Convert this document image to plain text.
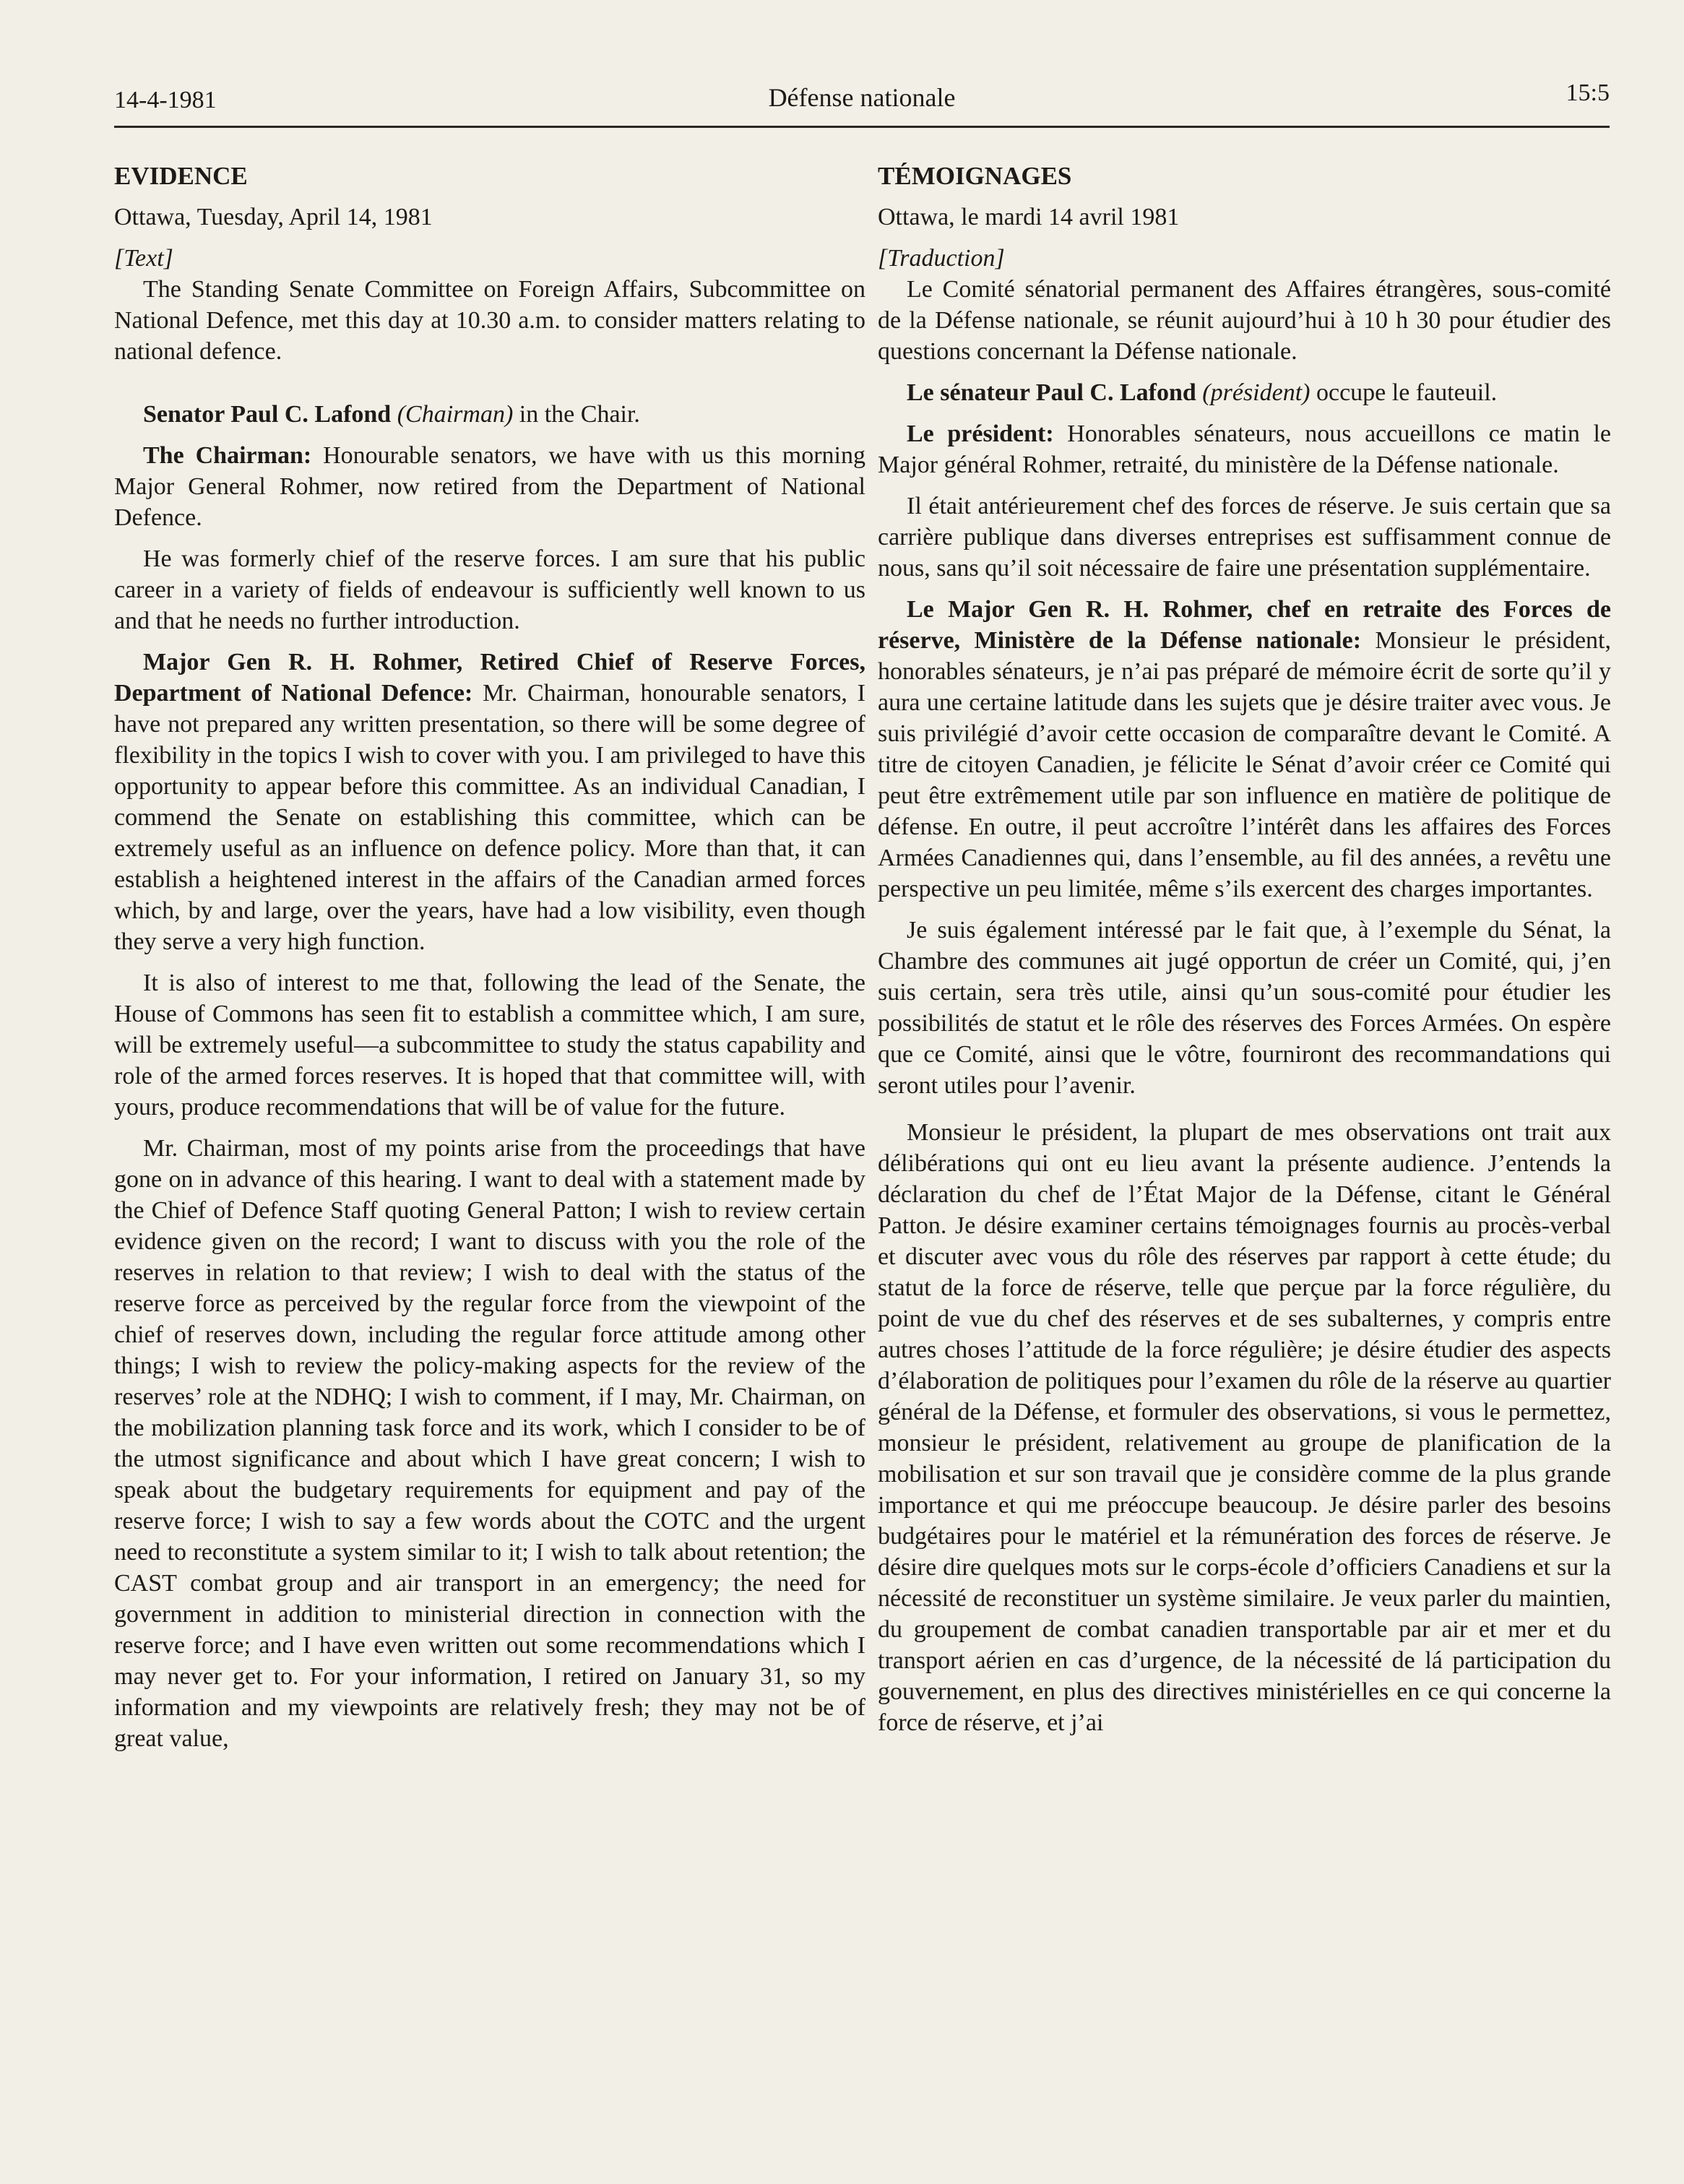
14-4-1981	Défense nationale	15:5

EVIDENCE

Ottawa, Tuesday, April 14, 1981

[Text]

The Standing Senate Committee on Foreign Affairs, Subcommittee on National Defence, met this day at 10.30 a.m. to consider matters relating to national defence.

Senator Paul C. Lafond (Chairman) in the Chair.

The Chairman: Honourable senators, we have with us this morning Major General Rohmer, now retired from the Department of National Defence.

He was formerly chief of the reserve forces. I am sure that his public career in a variety of fields of endeavour is sufficiently well known to us and that he needs no further introduction.

Major Gen R. H. Rohmer, Retired Chief of Reserve Forces, Department of National Defence: Mr. Chairman, honourable senators, I have not prepared any written presentation, so there will be some degree of flexibility in the topics I wish to cover with you. I am privileged to have this opportunity to appear before this committee. As an individual Canadian, I commend the Senate on establishing this committee, which can be extremely useful as an influence on defence policy. More than that, it can establish a heightened interest in the affairs of the Canadian armed forces which, by and large, over the years, have had a low visibility, even though they serve a very high function.

It is also of interest to me that, following the lead of the Senate, the House of Commons has seen fit to establish a committee which, I am sure, will be extremely useful—a subcommittee to study the status capability and role of the armed forces reserves. It is hoped that that committee will, with yours, produce recommendations that will be of value for the future.

Mr. Chairman, most of my points arise from the proceedings that have gone on in advance of this hearing. I want to deal with a statement made by the Chief of Defence Staff quoting General Patton; I wish to review certain evidence given on the record; I want to discuss with you the role of the reserves in relation to that review; I wish to deal with the status of the reserve force as perceived by the regular force from the viewpoint of the chief of reserves down, including the regular force attitude among other things; I wish to review the policy-making aspects for the review of the reserves’ role at the NDHQ; I wish to comment, if I may, Mr. Chairman, on the mobilization planning task force and its work, which I consider to be of the utmost significance and about which I have great concern; I wish to speak about the budgetary requirements for equipment and pay of the reserve force; I wish to say a few words about the COTC and the urgent need to reconstitute a system similar to it; I wish to talk about retention; the CAST combat group and air transport in an emergency; the need for government in addition to ministerial direction in connection with the reserve force; and I have even written out some recommendations which I may never get to. For your information, I retired on January 31, so my information and my viewpoints are relatively fresh; they may not be of great value,

TÉMOIGNAGES

Ottawa, le mardi 14 avril 1981

[Traduction]

Le Comité sénatorial permanent des Affaires étrangères, sous-comité de la Défense nationale, se réunit aujourd’hui à 10 h 30 pour étudier des questions concernant la Défense nationale.

Le sénateur Paul C. Lafond (président) occupe le fauteuil.

Le président: Honorables sénateurs, nous accueillons ce matin le Major général Rohmer, retraité, du ministère de la Défense nationale.

Il était antérieurement chef des forces de réserve. Je suis certain que sa carrière publique dans diverses entreprises est suffisamment connue de nous, sans qu’il soit nécessaire de faire une présentation supplémentaire.

Le Major Gen R. H. Rohmer, chef en retraite des Forces de réserve, Ministère de la Défense nationale: Monsieur le président, honorables sénateurs, je n’ai pas préparé de mémoire écrit de sorte qu’il y aura une certaine latitude dans les sujets que je désire traiter avec vous. Je suis privilégié d’avoir cette occasion de comparaître devant le Comité. A titre de citoyen Canadien, je félicite le Sénat d’avoir créer ce Comité qui peut être extrêmement utile par son influence en matière de politique de défense. En outre, il peut accroître l’intérêt dans les affaires des Forces Armées Canadiennes qui, dans l’ensemble, au fil des années, a revêtu une perspective un peu limitée, même s’ils exercent des charges importantes.

Je suis également intéressé par le fait que, à l’exemple du Sénat, la Chambre des communes ait jugé opportun de créer un Comité, qui, j’en suis certain, sera très utile, ainsi qu’un sous-comité pour étudier les possibilités de statut et le rôle des réserves des Forces Armées. On espère que ce Comité, ainsi que le vôtre, fourniront des recommandations qui seront utiles pour l’avenir.

Monsieur le président, la plupart de mes observations ont trait aux délibérations qui ont eu lieu avant la présente audience. J’entends la déclaration du chef de l’État Major de la Défense, citant le Général Patton. Je désire examiner certains témoignages fournis au procès-verbal et discuter avec vous du rôle des réserves par rapport à cette étude; du statut de la force de réserve, telle que perçue par la force régulière, du point de vue du chef des réserves et de ses subalternes, y compris entre autres choses l’attitude de la force régulière; je désire étudier des aspects d’élaboration de politiques pour l’examen du rôle de la réserve au quartier général de la Défense, et formuler des observations, si vous le permettez, monsieur le président, relativement au groupe de planification de la mobilisation et sur son travail que je considère comme de la plus grande importance et qui me préoccupe beaucoup. Je désire parler des besoins budgétaires pour le matériel et la rémunération des forces de réserve. Je désire dire quelques mots sur le corps-école d’officiers Canadiens et sur la nécessité de reconstituer un système similaire. Je veux parler du maintien, du groupement de combat canadien transportable par air et mer et du transport aérien en cas d’urgence, de la nécessité de lá participation du gouvernement, en plus des directives ministérielles en ce qui concerne la force de réserve, et j’ai
